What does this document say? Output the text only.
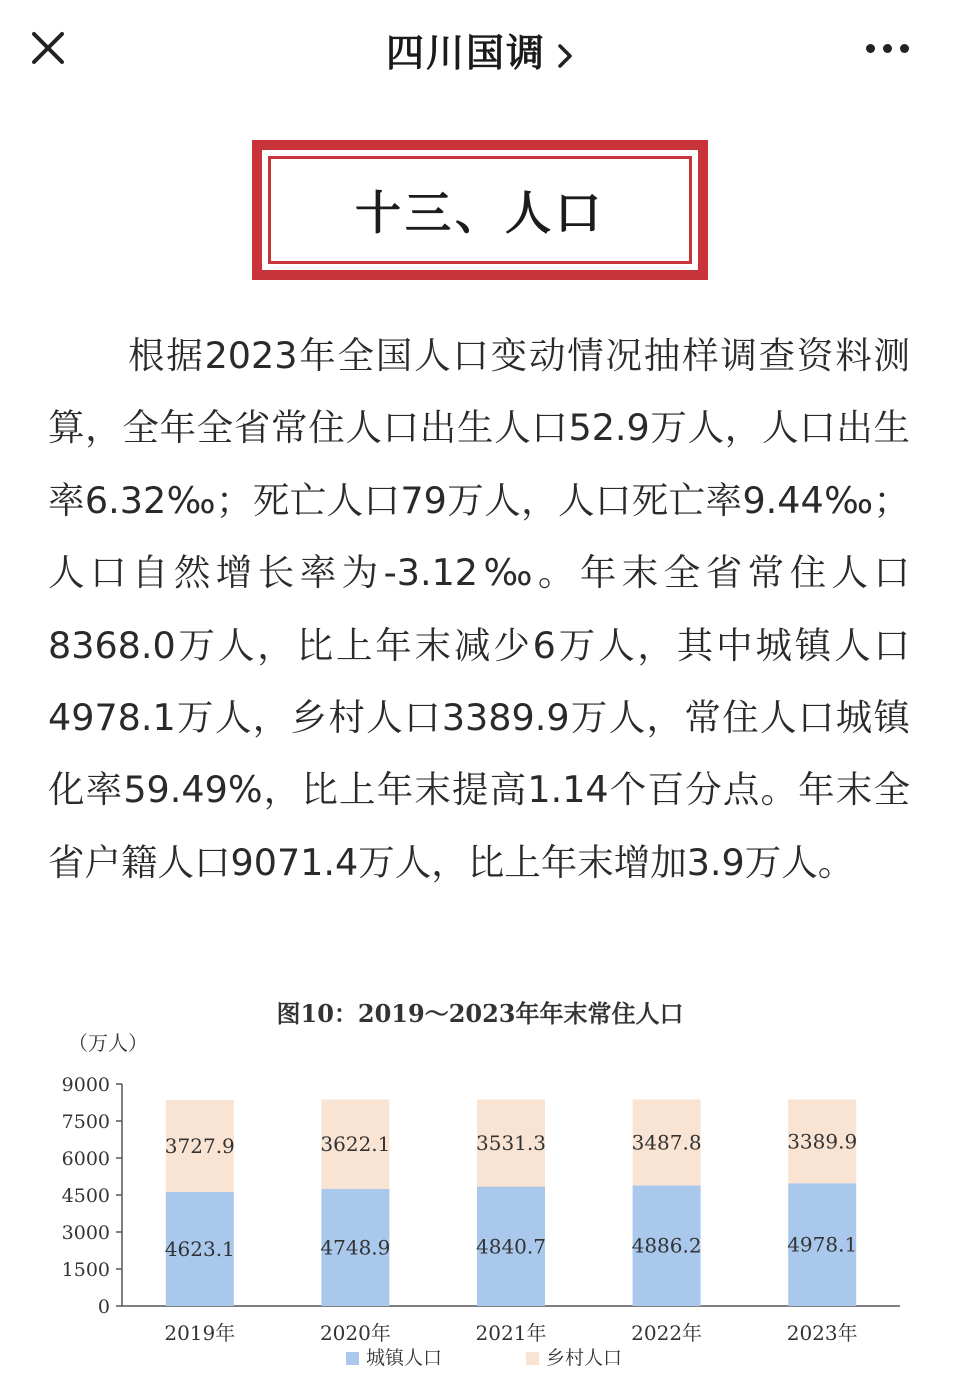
四川国调
十三、人口

根据2023年全国人口变动情况抽样调查资料测算，全年全省常住人口出生人口52.9万人，人口出生率6.32‰；死亡人口79万人，人口死亡率9.44‰；人口自然增长率为-3.12‰。年末全省常住人口8368.0万人，比上年末减少6万人，其中城镇人口4978.1万人，乡村人口3389.9万人，常住人口城镇化率59.49%，比上年末提高1.14个百分点。年末全省户籍人口9071.4万人，比上年末增加3.9万人。

图10：2019～2023年年末常住人口
（万人）
0
1500
3000
4500
6000
7500
9000
4623.1
3727.9
2019年
4748.9
3622.1
2020年
4840.7
3531.3
2021年
4886.2
3487.8
2022年
4978.1
3389.9
2023年
城镇人口	乡村人口
